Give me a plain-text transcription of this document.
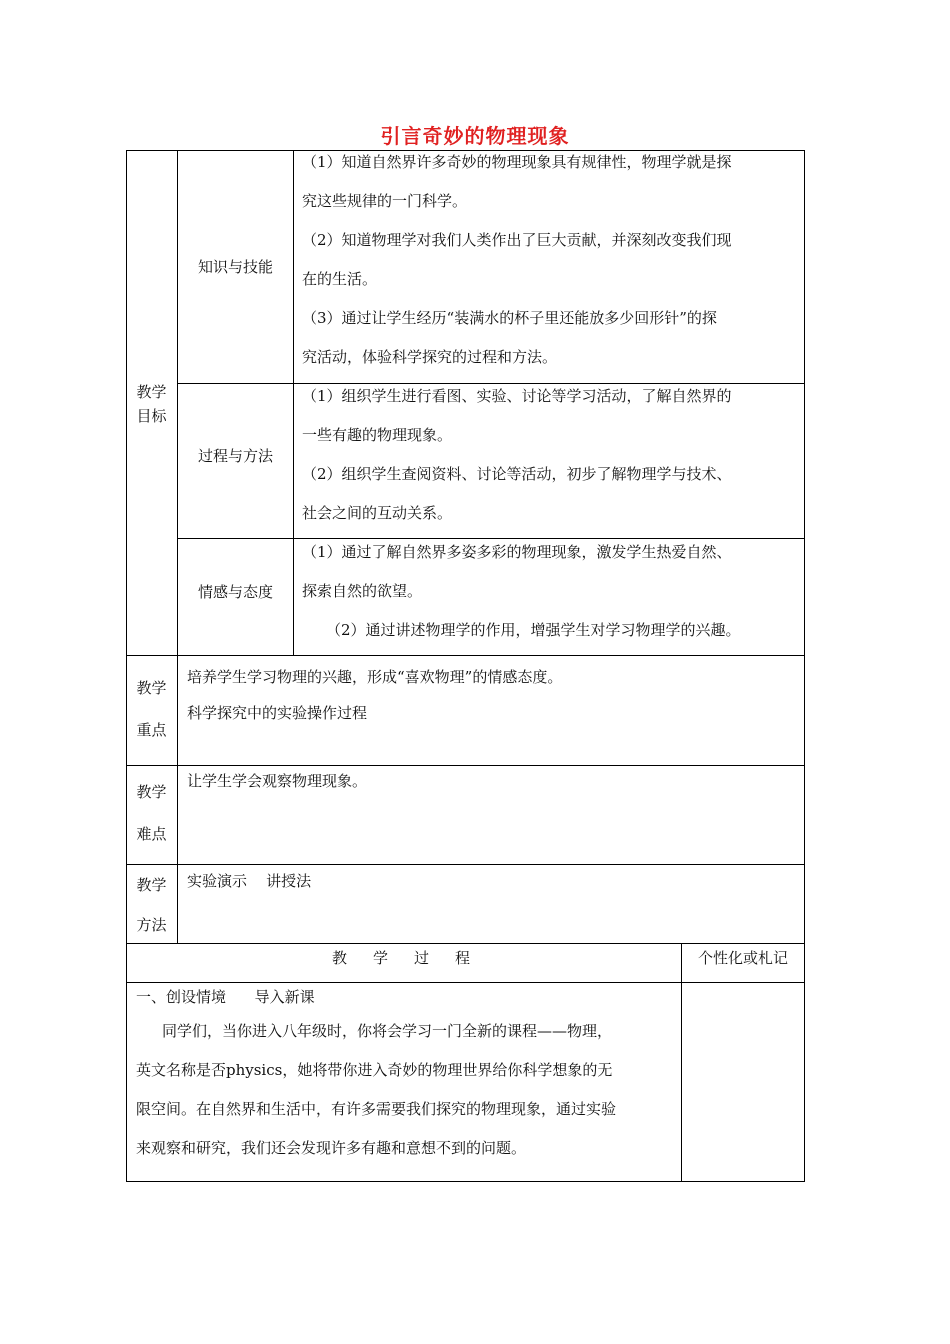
引言奇妙的物理现象
教学
目标
知识与技能

（1）知道自然界许多奇妙的物理现象具有规律性，物理学就是探

究这些规律的一门科学。

（2）知道物理学对我们人类作出了巨大贡献，并深刻改变我们现

在的生活。

（3）通过让学生经历“装满水的杯子里还能放多少回形针”的探

究活动，体验科学探究的过程和方法。

过程与方法

（1）组织学生进行看图、实验、讨论等学习活动，了解自然界的

一些有趣的物理现象。

（2）组织学生查阅资料、讨论等活动，初步了解物理学与技术、

社会之间的互动关系。

情感与态度

（1）通过了解自然界多姿多彩的物理现象，激发学生热爱自然、

探索自然的欲望。

（2）通过讲述物理学的作用，增强学生对学习物理学的兴趣。

教学
重点
培养学生学习物理的兴趣，形成“喜欢物理”的情感态度。
科学探究中的实验操作过程
教学
难点
让学生学会观察物理现象。
教学
方法
实验演示    讲授法
教学过程	个性化或札记
一、创设情境      导入新课

同学们，当你进入八年级时，你将会学习一门全新的课程——物理，

英文名称是否physics，她将带你进入奇妙的物理世界给你科学想象的无

限空间。在自然界和生活中，有许多需要我们探究的物理现象，通过实验

来观察和研究，我们还会发现许多有趣和意想不到的问题。
